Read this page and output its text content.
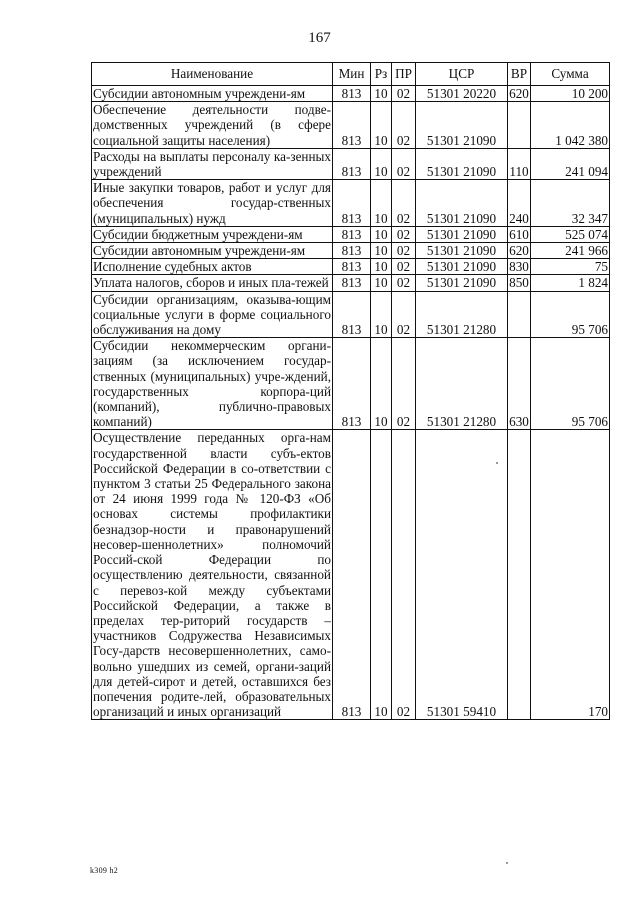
167
Наименование	Мин	Рз	ПР	ЦСР	ВР	Сумма
Субсидии автономным учреждени-ям	813	10	02	51301 20220	620	10 200
Обеспечение деятельности подве-домственных учреждений (в сфере социальной защиты населения)	813	10	02	51301 21090		1 042 380
Расходы на выплаты персоналу ка-зенных учреждений	813	10	02	51301 21090	110	241 094
Иные закупки товаров, работ и услуг для обеспечения государ-ственных (муниципальных) нужд	813	10	02	51301 21090	240	32 347
Субсидии бюджетным учреждени-ям	813	10	02	51301 21090	610	525 074
Субсидии автономным учреждени-ям	813	10	02	51301 21090	620	241 966
Исполнение судебных актов	813	10	02	51301 21090	830	75
Уплата налогов, сборов и иных пла-тежей	813	10	02	51301 21090	850	1 824
Субсидии организациям, оказыва-ющим социальные услуги в форме социального обслуживания на дому	813	10	02	51301 21280		95 706
Субсидии некоммерческим органи-зациям (за исключением государ-ственных (муниципальных) учре-ждений, государственных корпора-ций (компаний), публично-правовых компаний)	813	10	02	51301 21280	630	95 706
Осуществление переданных орга-нам государственной власти субъ-ектов Российской Федерации в со-ответствии с пунктом 3 статьи 25 Федерального закона от 24 июня 1999 года № 120-ФЗ «Об основах системы профилактики безнадзор-ности и правонарушений несовер-шеннолетних» полномочий Россий-ской Федерации по осуществлению деятельности, связанной с перевоз-кой между субъектами Российской Федерации, а также в пределах тер-риторий государств – участников Содружества Независимых Госу-дарств несовершеннолетних, само-вольно ушедших из семей, органи-заций для детей-сирот и детей, оставшихся без попечения родите-лей, образовательных организаций и иных организаций	813	10	02	51301 59410		170
k309 h2
